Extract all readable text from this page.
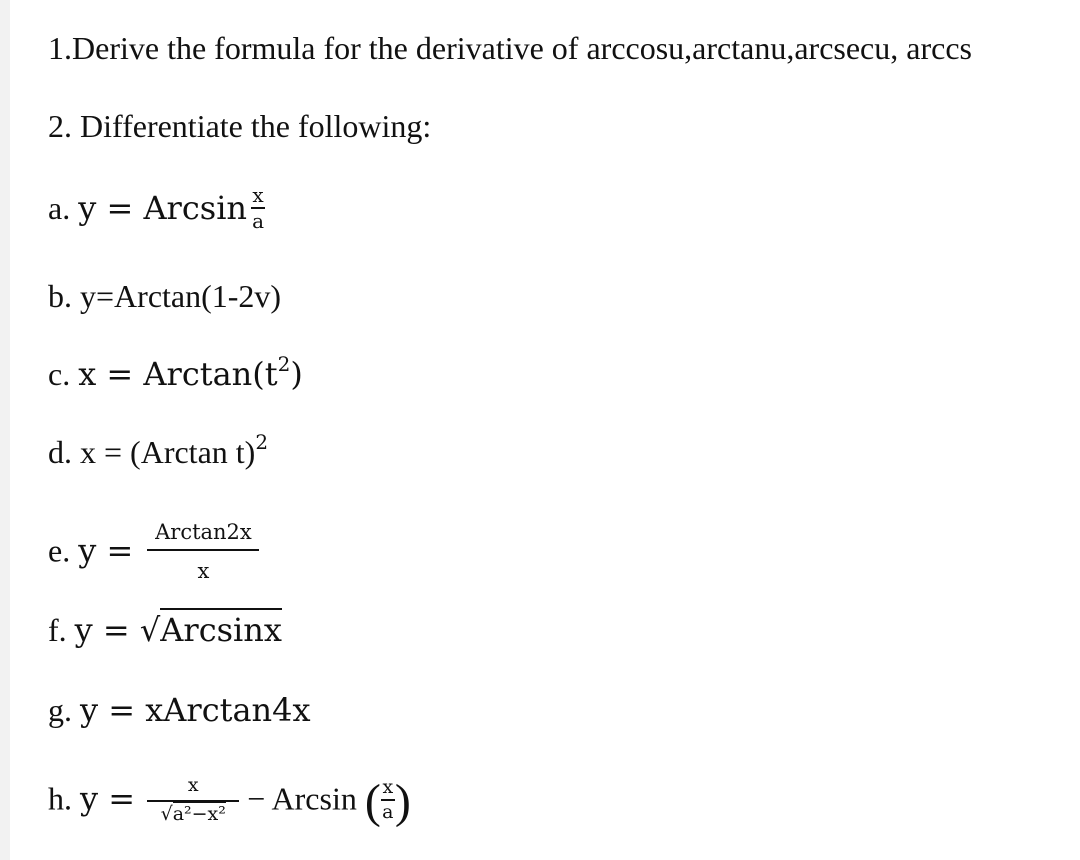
1.Derive the formula for the derivative of arccosu,arctanu,arcsecu, arccs
2. Differentiate the following:
a. y = Arcsin $\frac{x}{a}$
b. y=Arctan(1-2v)
c. $x = Arctan(t^2)$
d. x = (Arctan t)$^2$
e. $y = \frac{\text{Arctan2x}}{x}$
f. y = √Arcsinx
g. y = xArctan4x
h. $y = \frac{x}{\text{√a²−x²}} - Arcsin$ ( $\frac{x}{a}$ )
